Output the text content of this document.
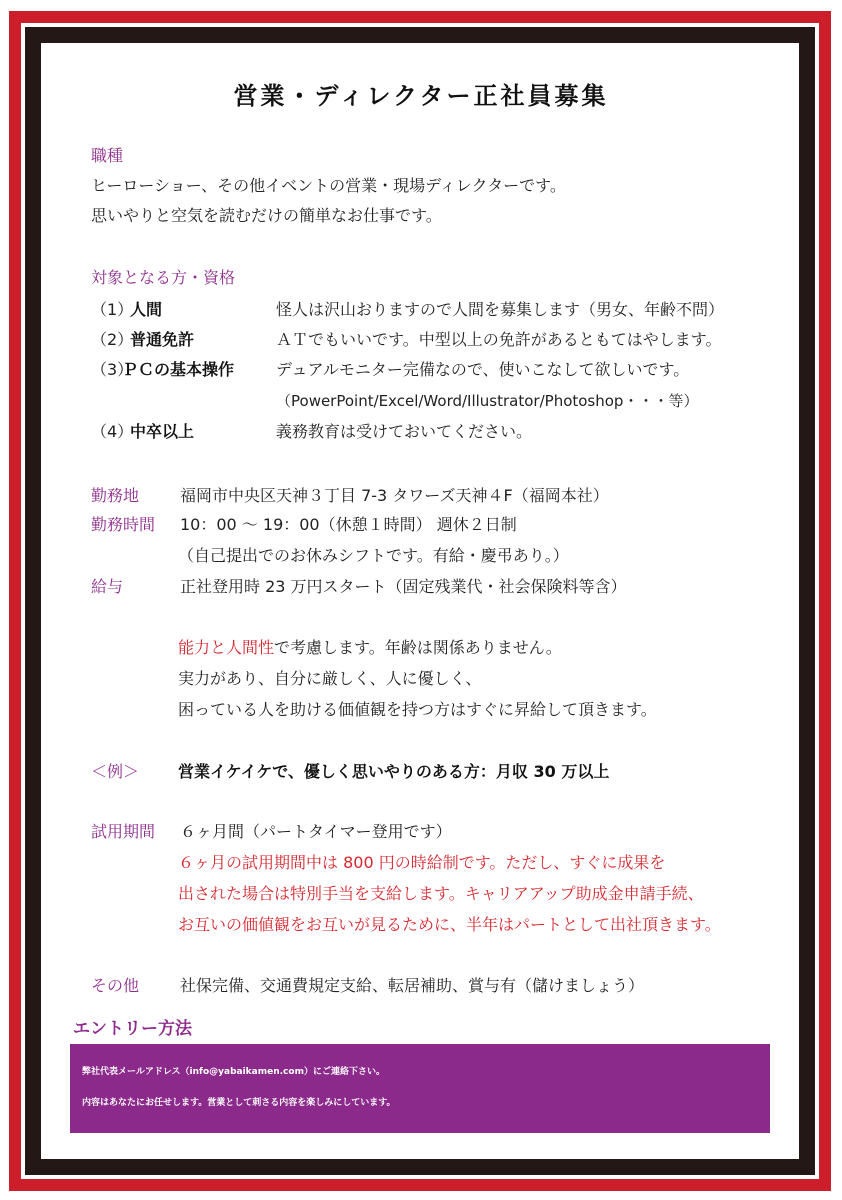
営業・ディレクター正社員募集
職種
ヒーローショー、その他イベントの営業・現場ディレクターです。
思いやりと空気を読むだけの簡単なお仕事です。
対象となる方・資格
（1）
人間	怪人は沢山おりますので人間を募集します（男女、年齢不問）
（2）
普通免許	ＡＴでもいいです。中型以上の免許があるともてはやします。
（3）
ＰＣの基本操作	デュアルモニター完備なので、使いこなして欲しいです。
（PowerPoint/Excel/Word/Illustrator/Photoshop・・・等）
（4）
中卒以上	義務教育は受けておいてください。
勤務地	福岡市中央区天神３丁目 7-3 タワーズ天神４F（福岡本社）
勤務時間 10：00 ～ 19：00（休憩１時間） 週休２日制
（自己提出でのお休みシフトです。有給・慶弔あり。）
給与	正社登用時 23 万円スタート（固定残業代・社会保険料等含）
能力と人間性で考慮します。年齢は関係ありません。
実力があり、自分に厳しく、人に優しく、
困っている人を助ける価値観を持つ方はすぐに昇給して頂きます。
＜例＞ 営業イケイケで、優しく思いやりのある方：月収 30 万以上
試用期間 ６ヶ月間（パートタイマー登用です）
６ヶ月の試用期間中は 800 円の時給制です。ただし、すぐに成果を
出された場合は特別手当を支給します。キャリアアップ助成金申請手続、
お互いの価値観をお互いが見るために、半年はパートとして出社頂きます。
その他	社保完備、交通費規定支給、転居補助、賞与有（儲けましょう）
エントリー方法
弊社代表メールアドレス（info@yabaikamen.com）にご連絡下さい。
内容はあなたにお任せします。営業として刺さる内容を楽しみにしています。
